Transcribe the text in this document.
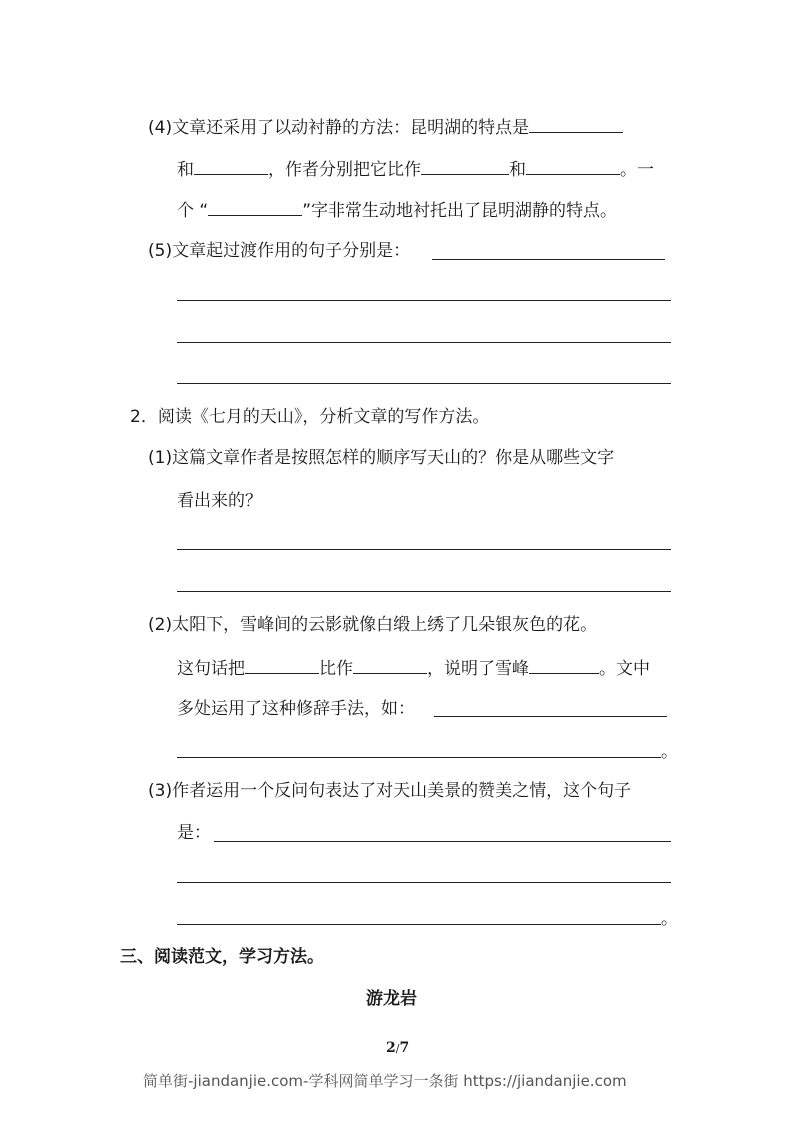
(4)文章还采用了以动衬静的方法：昆明湖的特点是
和	，作者分别把它比作	和	。一
个 “	”字非常生动地衬托出了昆明湖静的特点。
(5)文章起过渡作用的句子分别是：
2．阅读《七月的天山》，分析文章的写作方法。
(1)这篇文章作者是按照怎样的顺序写天山的？你是从哪些文字
看出来的？
(2)太阳下，雪峰间的云影就像白缎上绣了几朵银灰色的花。
这句话把	比作	，说明了雪峰	。文中
多处运用了这种修辞手法，如：
。
(3)作者运用一个反问句表达了对天山美景的赞美之情，这个句子
是：
。
三、阅读范文，学习方法。
游龙岩
2/7
简单街-jiandanjie.com-学科网简单学习一条街 https://jiandanjie.com
